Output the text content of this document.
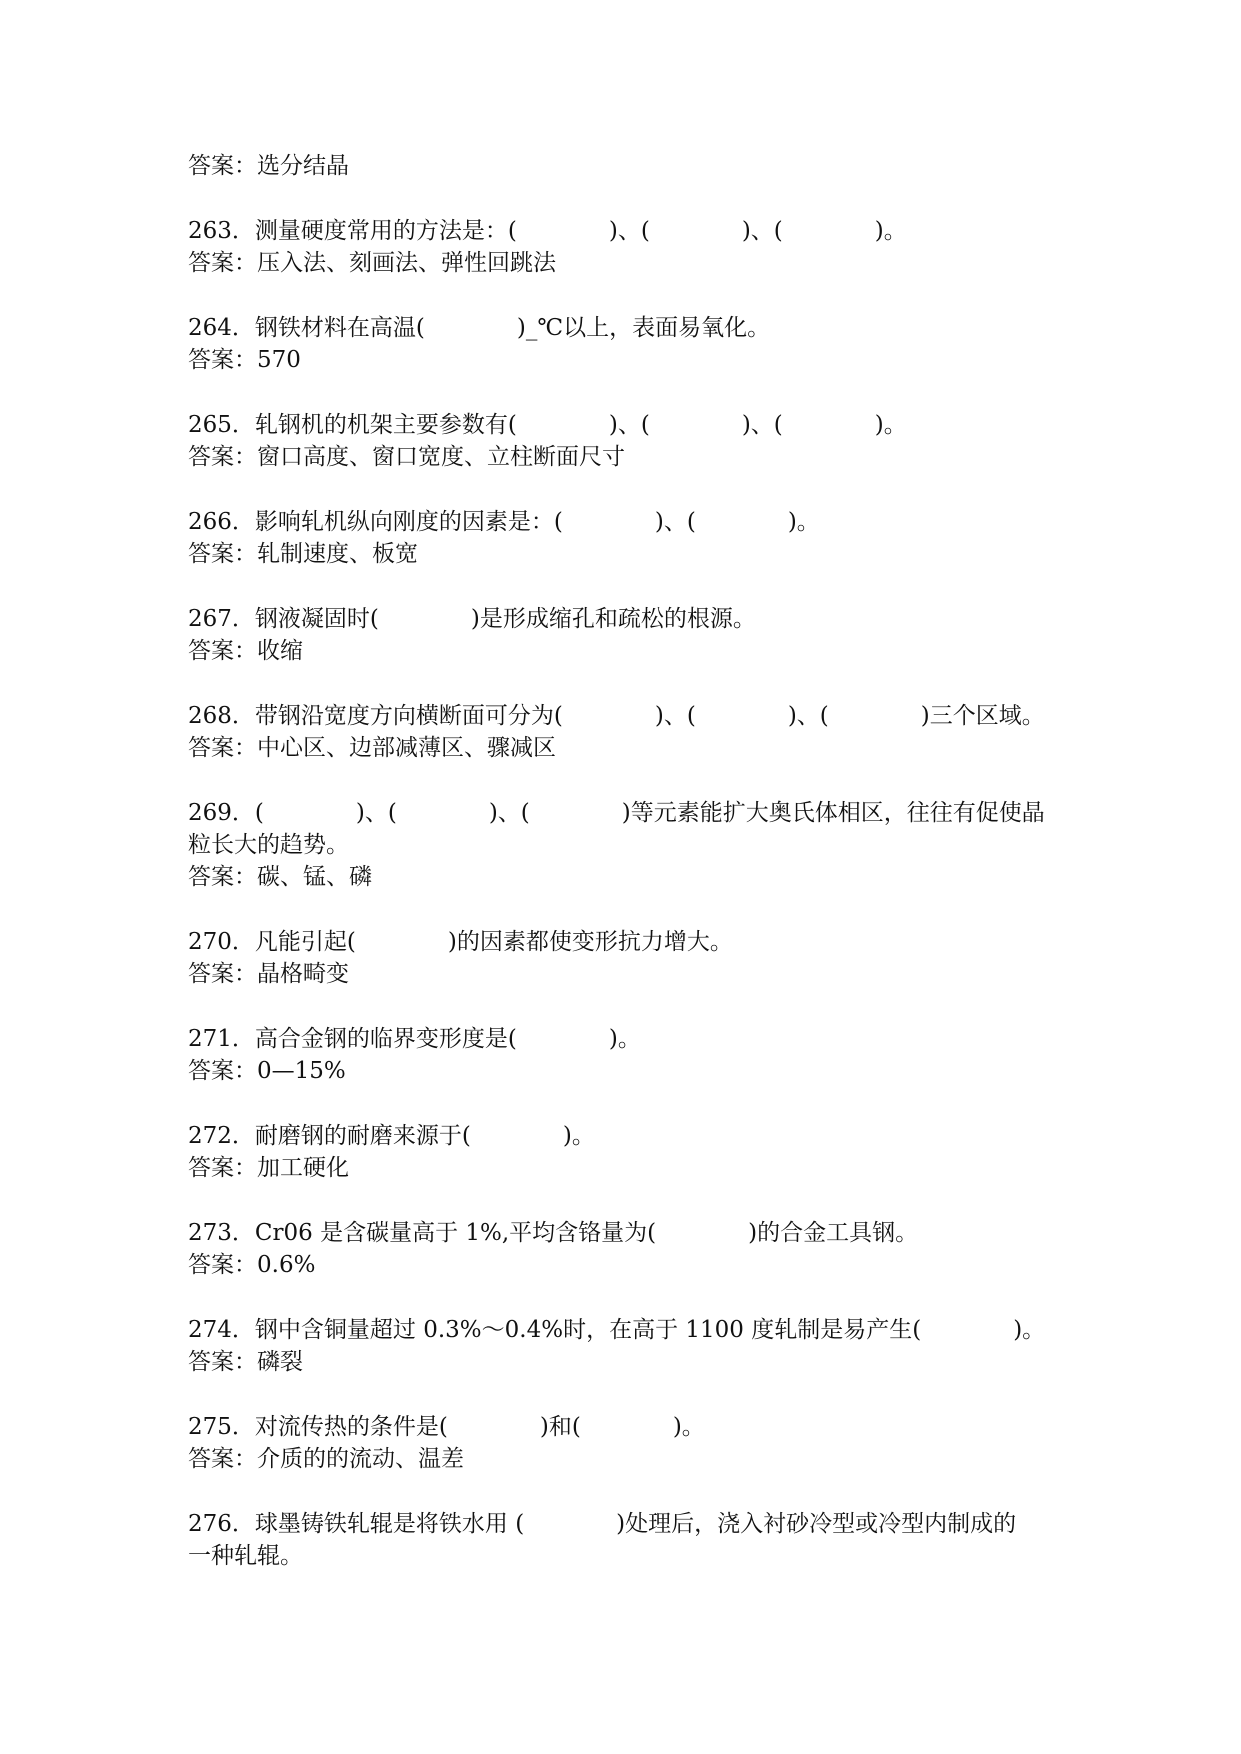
答案：选分结晶
263．测量硬度常用的方法是：(　　　　)、(　　　　)、(　　　　)。
答案：压入法、刻画法、弹性回跳法
264．钢铁材料在高温(　　　　)_℃以上，表面易氧化。
答案：570
265．轧钢机的机架主要参数有(　　　　)、(　　　　)、(　　　　)。
答案：窗口高度、窗口宽度、立柱断面尺寸
266．影响轧机纵向刚度的因素是：(　　　　)、(　　　　)。
答案：轧制速度、板宽
267．钢液凝固时(　　　　)是形成缩孔和疏松的根源。
答案：收缩
268．带钢沿宽度方向横断面可分为(　　　　)、(　　　　)、(　　　　)三个区域。
答案：中心区、边部减薄区、骤减区
269．(　　　　)、(　　　　)、(　　　　)等元素能扩大奥氏体相区，往往有促使晶
粒长大的趋势。
答案：碳、锰、磷
270．凡能引起(　　　　)的因素都使变形抗力增大。
答案：晶格畸变
271．高合金钢的临界变形度是(　　　　)。
答案：0—15%
272．耐磨钢的耐磨来源于(　　　　)。
答案：加工硬化
273．Cr06 是含碳量高于 1%,平均含铬量为(　　　　)的合金工具钢。
答案：0.6%
274．钢中含铜量超过 0.3%～0.4%时，在高于 1100 度轧制是易产生(　　　　)。
答案：磷裂
275．对流传热的条件是(　　　　)和(　　　　)。
答案：介质的的流动、温差
276．球墨铸铁轧辊是将铁水用 (　　　　)处理后，浇入衬砂冷型或冷型内制成的
一种轧辊。
